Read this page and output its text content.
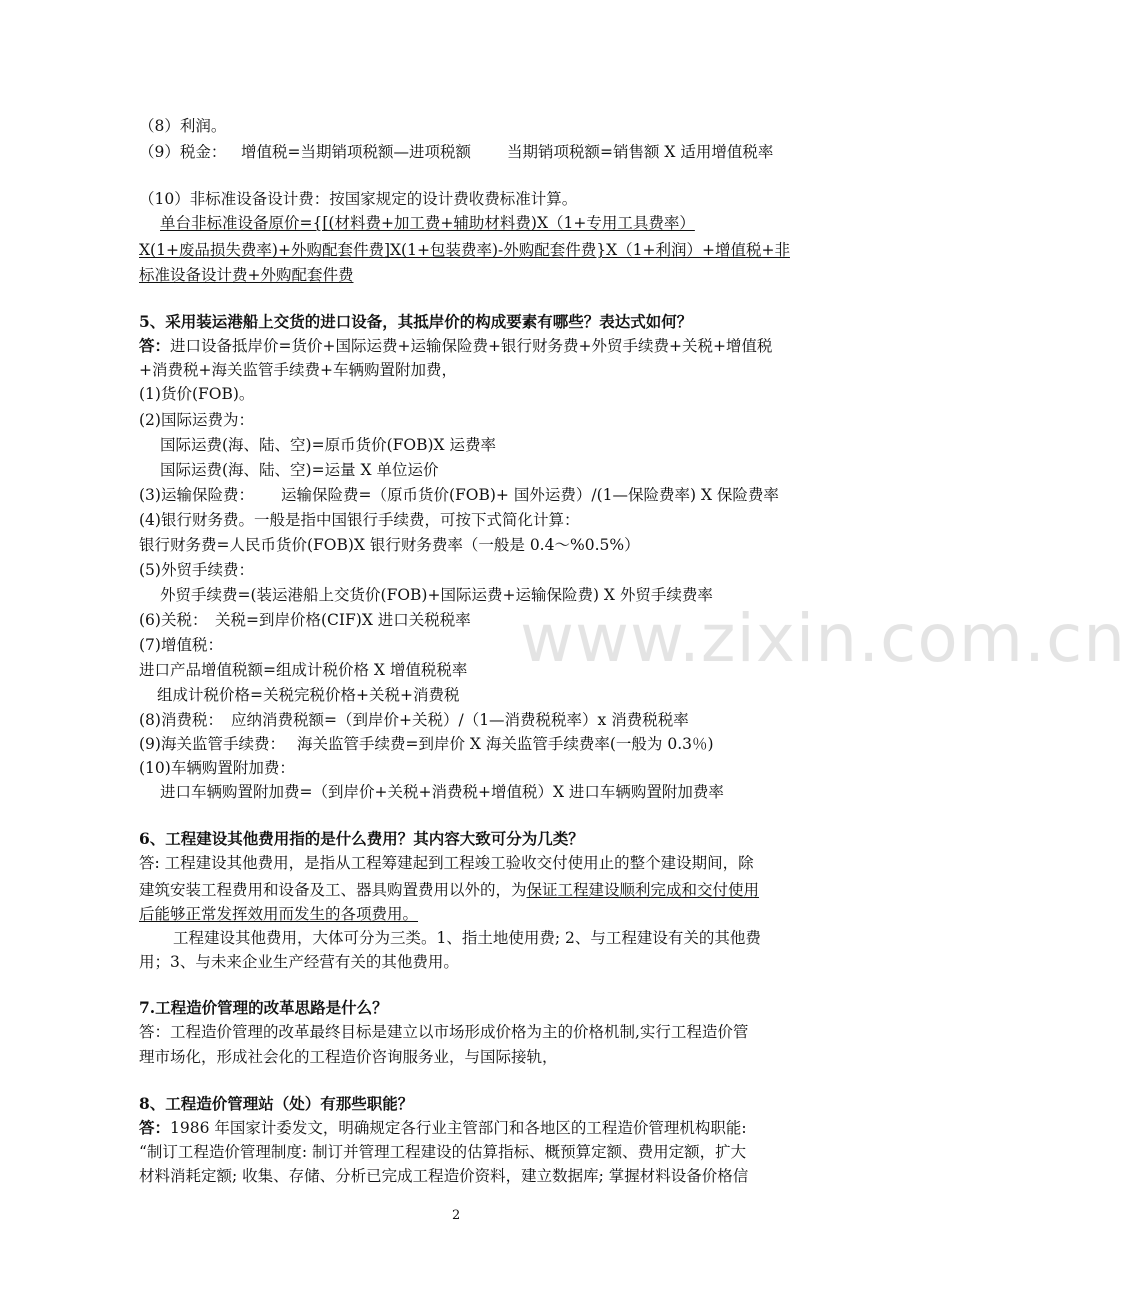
www.zixin.com.cn
（8）利润。
（9）税金： 增值税=当期销项税额—进项税额 当期销项税额=销售额 X 适用增值税率
（10）非标准设备设计费：按国家规定的设计费收费标准计算。
单台非标准设备原价={[(材料费+加工费+辅助材料费)X（1+专用工具费率）
X(1+废品损失费率)+外购配套件费]X(1+包装费率)-外购配套件费}X（1+利润）+增值税+非
标准设备设计费+外购配套件费
5、采用装运港船上交货的进口设备，其抵岸价的构成要素有哪些？表达式如何？
答：进口设备抵岸价=货价+国际运费+运输保险费+银行财务费+外贸手续费+关税+增值税
+消费税+海关监管手续费+车辆购置附加费，
(1)货价(FOB)。
(2)国际运费为：
国际运费(海、陆、空)=原币货价(FOB)X 运费率
国际运费(海、陆、空)=运量 X 单位运价
(3)运输保险费： 运输保险费=（原币货价(FOB)+ 国外运费）/(1—保险费率) X 保险费率
(4)银行财务费。一般是指中国银行手续费，可按下式简化计算：
银行财务费=人民币货价(FOB)X 银行财务费率（一般是 0.4～%0.5%）
(5)外贸手续费：
外贸手续费=(装运港船上交货价(FOB)+国际运费+运输保险费) X 外贸手续费率
(6)关税： 关税=到岸价格(CIF)X 进口关税税率
(7)增值税：
进口产品增值税额=组成计税价格 X 增值税税率
组成计税价格=关税完税价格+关税+消费税
(8)消费税： 应纳消费税额=（到岸价+关税）/（1—消费税税率）x 消费税税率
(9)海关监管手续费： 海关监管手续费=到岸价 X 海关监管手续费率(一般为 0.3％)
(10)车辆购置附加费：
进口车辆购置附加费=（到岸价+关税+消费税+增值税）X 进口车辆购置附加费率
6、工程建设其他费用指的是什么费用？其内容大致可分为几类？
答: 工程建设其他费用，是指从工程筹建起到工程竣工验收交付使用止的整个建设期间，除
建筑安装工程费用和设备及工、器具购置费用以外的，为保证工程建设顺利完成和交付使用
后能够正常发挥效用而发生的各项费用。
工程建设其他费用，大体可分为三类。1、指土地使用费; 2、与工程建设有关的其他费
用；3、与未来企业生产经营有关的其他费用。
7.工程造价管理的改革思路是什么？
答：工程造价管理的改革最终目标是建立以市场形成价格为主的价格机制,实行工程造价管
理市场化，形成社会化的工程造价咨询服务业，与国际接轨，
8、工程造价管理站（处）有那些职能？
答：1986 年国家计委发文，明确规定各行业主管部门和各地区的工程造价管理机构职能:
“制订工程造价管理制度: 制订并管理工程建设的估算指标、概预算定额、费用定额，扩大
材料消耗定额; 收集、存储、分析已完成工程造价资料，建立数据库; 掌握材料设备价格信
2
